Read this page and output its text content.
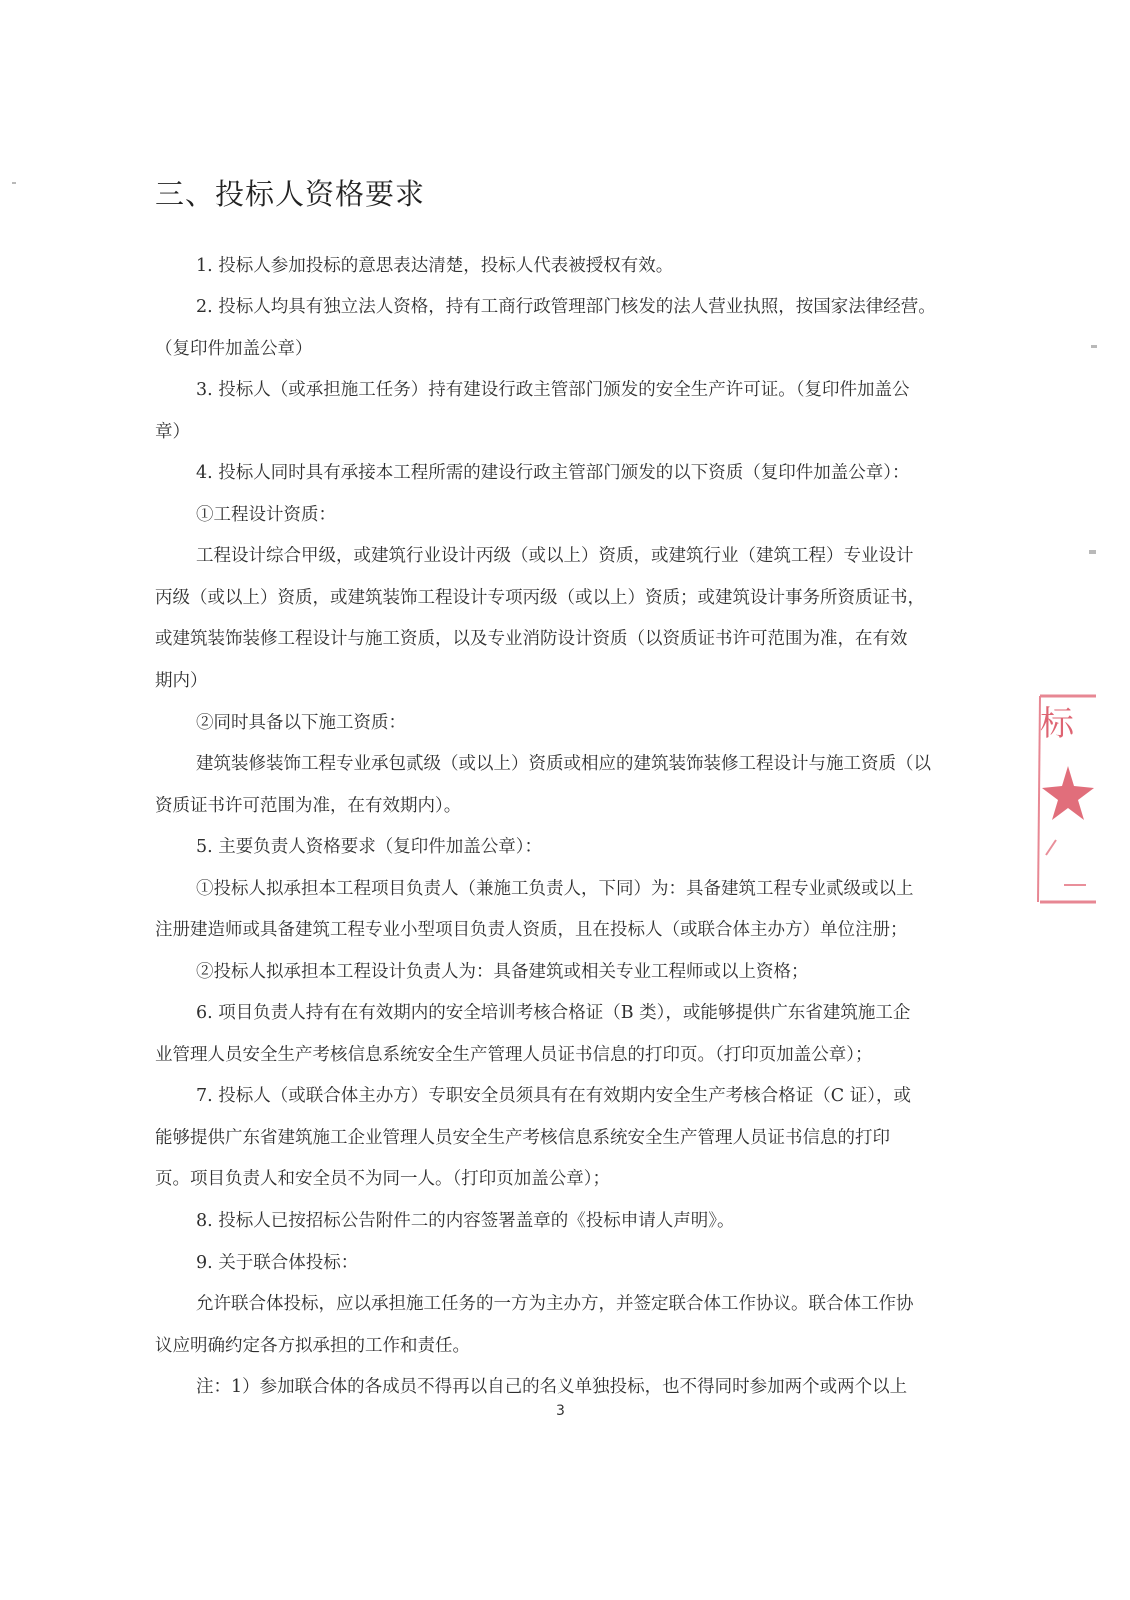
三、投标人资格要求
1. 投标人参加投标的意思表达清楚，投标人代表被授权有效。
2. 投标人均具有独立法人资格，持有工商行政管理部门核发的法人营业执照，按国家法律经营。
（复印件加盖公章）
3. 投标人（或承担施工任务）持有建设行政主管部门颁发的安全生产许可证。（复印件加盖公
章）
4. 投标人同时具有承接本工程所需的建设行政主管部门颁发的以下资质（复印件加盖公章）：
①工程设计资质：
工程设计综合甲级，或建筑行业设计丙级（或以上）资质，或建筑行业（建筑工程）专业设计
丙级（或以上）资质，或建筑装饰工程设计专项丙级（或以上）资质；或建筑设计事务所资质证书，
或建筑装饰装修工程设计与施工资质，以及专业消防设计资质（以资质证书许可范围为准，在有效
期内）
②同时具备以下施工资质：
建筑装修装饰工程专业承包贰级（或以上）资质或相应的建筑装饰装修工程设计与施工资质（以
资质证书许可范围为准，在有效期内）。
5. 主要负责人资格要求（复印件加盖公章）：
①投标人拟承担本工程项目负责人（兼施工负责人，下同）为：具备建筑工程专业贰级或以上
注册建造师或具备建筑工程专业小型项目负责人资质，且在投标人（或联合体主办方）单位注册；
②投标人拟承担本工程设计负责人为：具备建筑或相关专业工程师或以上资格；
6. 项目负责人持有在有效期内的安全培训考核合格证（B 类），或能够提供广东省建筑施工企
业管理人员安全生产考核信息系统安全生产管理人员证书信息的打印页。（打印页加盖公章）；
7. 投标人（或联合体主办方）专职安全员须具有在有效期内安全生产考核合格证（C 证），或
能够提供广东省建筑施工企业管理人员安全生产考核信息系统安全生产管理人员证书信息的打印
页。项目负责人和安全员不为同一人。（打印页加盖公章）；
8. 投标人已按招标公告附件二的内容签署盖章的《投标申请人声明》。
9. 关于联合体投标：
允许联合体投标，应以承担施工任务的一方为主办方，并签定联合体工作协议。联合体工作协
议应明确约定各方拟承担的工作和责任。
注：1）参加联合体的各成员不得再以自己的名义单独投标，也不得同时参加两个或两个以上
3
标
